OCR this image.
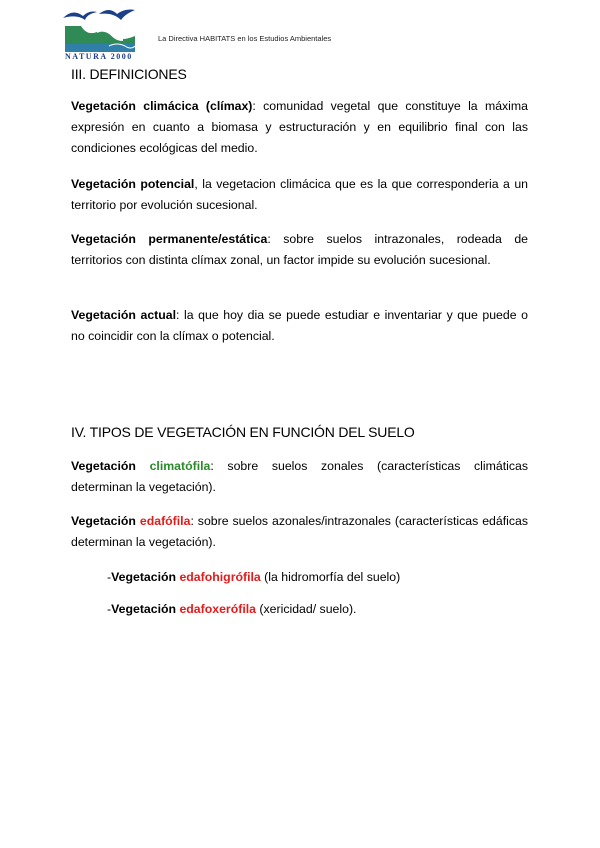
NATURA 2000
La Directiva HABITATS en los Estudios Ambientales
III. DEFINICIONES
Vegetación climácica (clímax): comunidad vegetal que constituye la máxima expresión en cuanto a biomasa y estructuración y en equilibrio final con las condiciones ecológicas del medio.
Vegetación potencial, la vegetacion climácica que es la que corresponderia a un territorio por evolución sucesional.
Vegetación permanente/estática: sobre suelos intrazonales, rodeada de territorios con distinta clímax zonal, un factor impide su evolución sucesional.
Vegetación actual: la que hoy dia se puede estudiar e inventariar y que puede o no coincidir con la clímax o potencial.
IV. TIPOS DE VEGETACIÓN EN FUNCIÓN DEL SUELO
Vegetación climatófila: sobre suelos zonales (características climáticas determinan la vegetación).
Vegetación edafófila: sobre suelos azonales/intrazonales (características edáficas determinan la vegetación).
-Vegetación edafohigrófila (la hidromorfía del suelo)
-Vegetación edafoxerófila (xericidad/ suelo).
